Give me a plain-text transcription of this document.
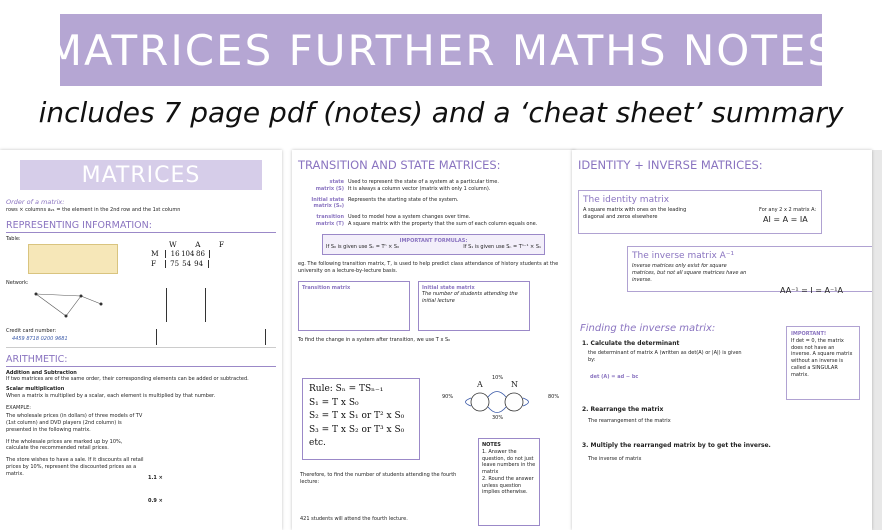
MATRICES FURTHER MATHS NOTES
includes 7 page pdf (notes) and a ‘cheat sheet’ summary
MATRICES
Order of a matrix:
rows × columns a₂₁ = the element in the 2nd row and the 1st column
REPRESENTING INFORMATION:
Table:
W A F
M 16 104 86
F 75 54 94
Network:
Credit card number:
4459 8718 0200 9681
ARITHMETIC:
Addition and Subtraction
If two matrices are of the same order, their corresponding elements can be added or subtracted.
Scalar multiplication
When a matrix is multiplied by a scalar, each element is multiplied by that number.
EXAMPLE:
The wholesale prices (in dollars) of three models of TV (1st column) and DVD players (2nd column) is presented in the following matrix.
If the wholesale prices are marked up by 10%, calculate the recommended retail prices.
The store wishes to have a sale. If it discounts all retail prices by 10%, represent the discounted prices as a matrix.
1.1 ×
0.9 ×
TRANSITION AND STATE MATRICES:
state Used to represent the state of a system at a particular time.
matrix (S) It is always a column vector (matrix with only 1 column).
Initial state matrix (S₀)
Represents the starting state of the system.
transition Used to model how a system changes over time.
matrix (T) A square matrix with the property that the sum of each column equals one.
IMPORTANT FORMULAS:
If S₀ is given use Sₙ = Tⁿ × S₀	If S₁ is given use Sₙ = Tⁿ⁻¹ × S₁
eg. The following transition matrix, T, is used to help predict class attendance of history students at the university on a lecture-by-lecture basis.
Transition matrix	Initial state matrix
The number of students attending the initial lecture
To find the change in a system after transition, we use T x S₀
Rule: Sₙ = TSₙ₋₁
S₁ = T x S₀
S₂ = T x S₁ or T² x S₀
S₃ = T x S₂ or T³ x S₀
etc.
A	N
10%
30%
90%	80%
NOTES
1. Answer the question, do not just leave numbers in the matrix
2. Round the answer unless question implies otherwise.
Therefore, to find the number of students attending the fourth lecture:
421 students will attend the fourth lecture.
IDENTITY + INVERSE MATRICES:
The identity matrix
A square matrix with ones on the leading diagonal and zeros elsewhere
For any 2 x 2 matrix A:
AI = A = IA
The inverse matrix A⁻¹
Inverse matrices only exist for square matrices, but not all square matrices have an inverse.
AA⁻¹ = I = A⁻¹A
Finding the inverse matrix:
1. Calculate the determinant
the determinant of matrix A (written as det(A) or |A|) is given by:
det (A) = ad − bc
2. Rearrange the matrix
The rearrangement of the matrix
3. Multiply the rearranged matrix by to get the inverse.
The inverse of matrix
IMPORTANT!
If det = 0, the matrix does not have an inverse. A square matrix without an inverse is called a SINGULAR matrix.
